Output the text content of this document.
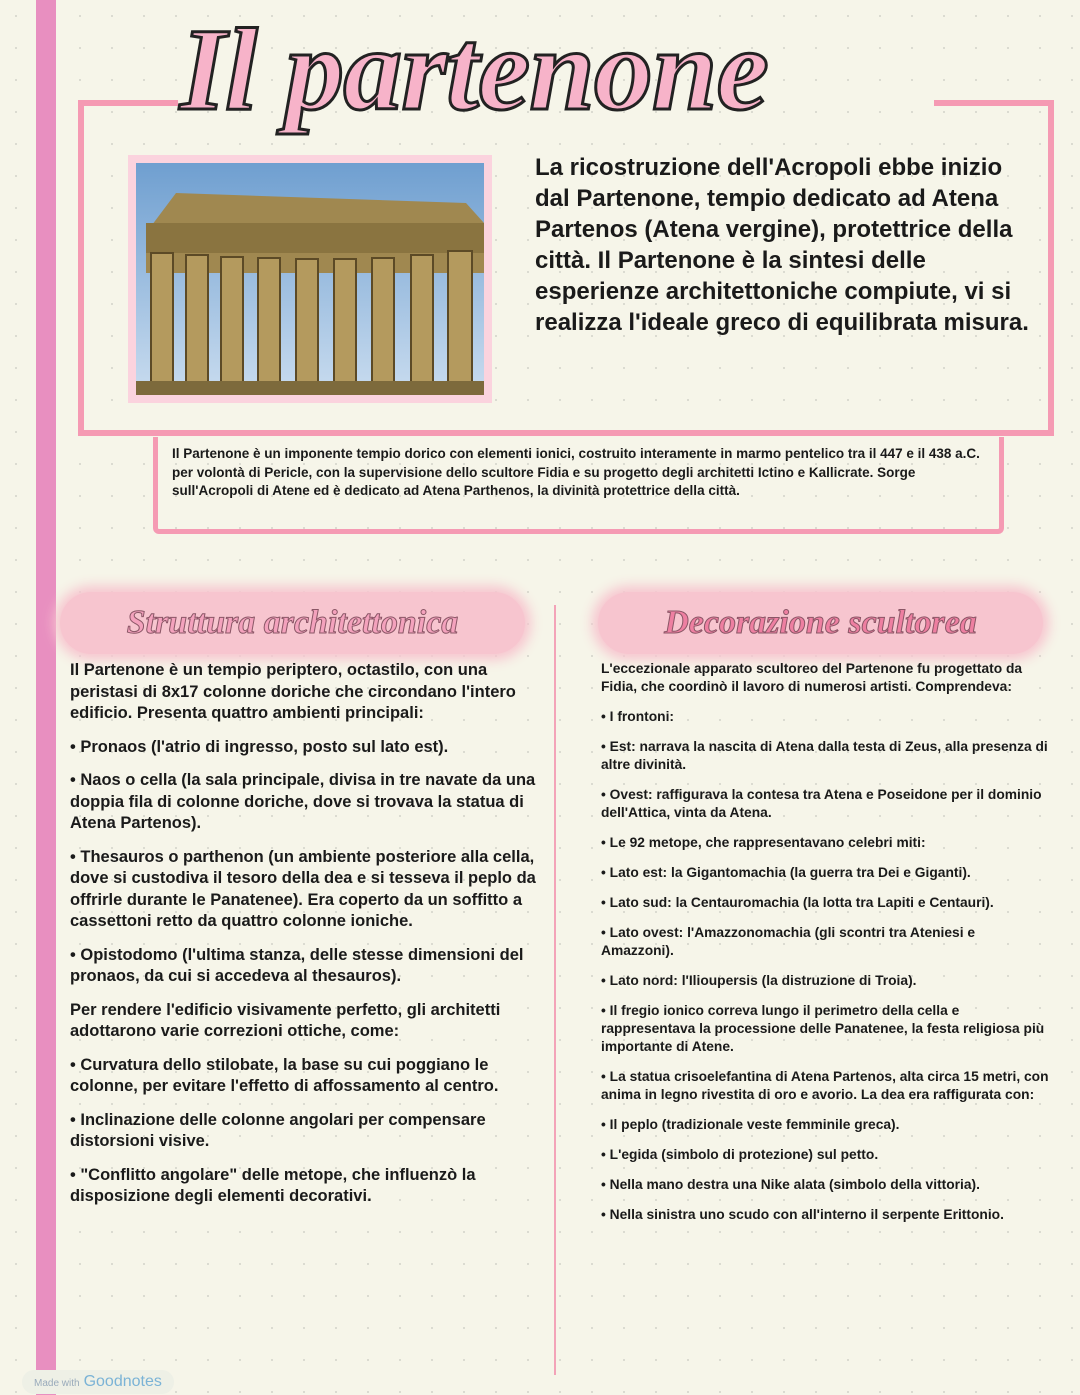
Il partenone

La ricostruzione dell'Acropoli ebbe inizio dal Partenone, tempio dedicato ad Atena Partenos (Atena vergine), protettrice della città. Il Partenone è la sintesi delle esperienze architettoniche compiute, vi si realizza l'ideale greco di equilibrata misura.

Il Partenone è un imponente tempio dorico con elementi ionici, costruito interamente in marmo pentelico tra il 447 e il 438 a.C. per volontà di Pericle, con la supervisione dello scultore Fidia e su progetto degli architetti Ictino e Kallicrate. Sorge sull'Acropoli di Atene ed è dedicato ad Atena Parthenos, la divinità protettrice della città.

Struttura architettonica	Decorazione scultorea

Il Partenone è un tempio periptero, octastilo, con una peristasi di 8x17 colonne doriche che circondano l'intero edificio. Presenta quattro ambienti principali:

• Pronaos (l'atrio di ingresso, posto sul lato est).

• Naos o cella (la sala principale, divisa in tre navate da una doppia fila di colonne doriche, dove si trovava la statua di Atena Partenos).

• Thesauros o parthenon (un ambiente posteriore alla cella, dove si custodiva il tesoro della dea e si tesseva il peplo da offrirle durante le Panatenee). Era coperto da un soffitto a cassettoni retto da quattro colonne ioniche.

• Opistodomo (l'ultima stanza, delle stesse dimensioni del pronaos, da cui si accedeva al thesauros).

Per rendere l'edificio visivamente perfetto, gli architetti adottarono varie correzioni ottiche, come:

• Curvatura dello stilobate, la base su cui poggiano le colonne, per evitare l'effetto di affossamento al centro.

• Inclinazione delle colonne angolari per compensare distorsioni visive.

• "Conflitto angolare" delle metope, che influenzò la disposizione degli elementi decorativi.

L'eccezionale apparato scultoreo del Partenone fu progettato da Fidia, che coordinò il lavoro di numerosi artisti. Comprendeva:

• I frontoni:

• Est: narrava la nascita di Atena dalla testa di Zeus, alla presenza di altre divinità.

• Ovest: raffigurava la contesa tra Atena e Poseidone per il dominio dell'Attica, vinta da Atena.

• Le 92 metope, che rappresentavano celebri miti:

• Lato est: la Gigantomachia (la guerra tra Dei e Giganti).

• Lato sud: la Centauromachia (la lotta tra Lapiti e Centauri).

• Lato ovest: l'Amazzonomachia (gli scontri tra Ateniesi e Amazzoni).

• Lato nord: l'Ilioupersis (la distruzione di Troia).

• Il fregio ionico correva lungo il perimetro della cella e rappresentava la processione delle Panatenee, la festa religiosa più importante di Atene.

• La statua crisoelefantina di Atena Partenos, alta circa 15 metri, con anima in legno rivestita di oro e avorio. La dea era raffigurata con:

• Il peplo (tradizionale veste femminile greca).

• L'egida (simbolo di protezione) sul petto.

• Nella mano destra una Nike alata (simbolo della vittoria).

• Nella sinistra uno scudo con all'interno il serpente Erittonio.

Made with Goodnotes
